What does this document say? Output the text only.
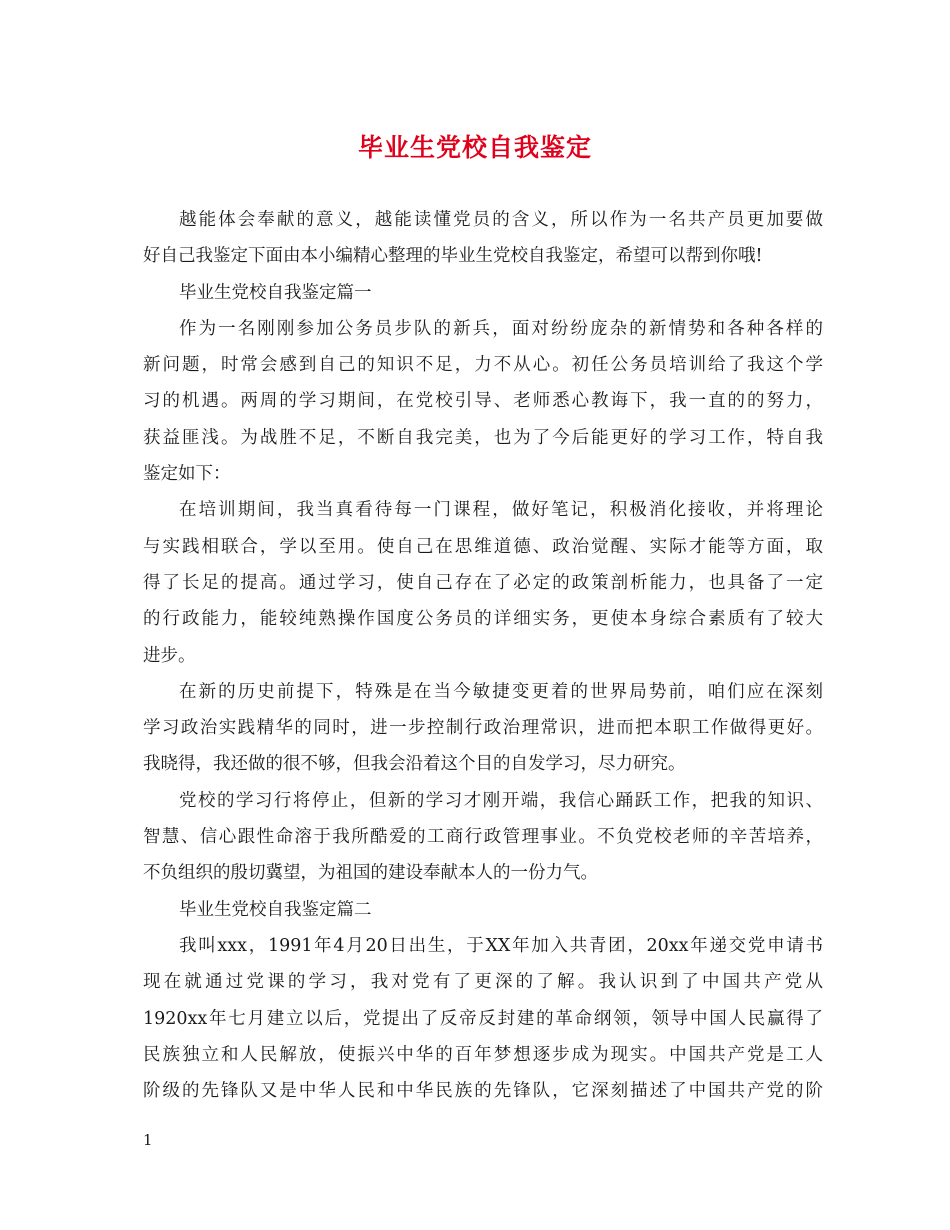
毕业生党校自我鉴定
越能体会奉献的意义，越能读懂党员的含义，所以作为一名共产员更加要做
好自己我鉴定下面由本小编精心整理的毕业生党校自我鉴定，希望可以帮到你哦!
毕业生党校自我鉴定篇一
作为一名刚刚参加公务员步队的新兵，面对纷纷庞杂的新情势和各种各样的
新问题，时常会感到自己的知识不足，力不从心。初任公务员培训给了我这个学
习的机遇。两周的学习期间，在党校引导、老师悉心教诲下，我一直的的努力，
获益匪浅。为战胜不足，不断自我完美，也为了今后能更好的学习工作，特自我
鉴定如下：
在培训期间，我当真看待每一门课程，做好笔记，积极消化接收，并将理论
与实践相联合，学以至用。使自己在思维道德、政治觉醒、实际才能等方面，取
得了长足的提高。通过学习，使自己存在了必定的政策剖析能力，也具备了一定
的行政能力，能较纯熟操作国度公务员的详细实务，更使本身综合素质有了较大
进步。
在新的历史前提下，特殊是在当今敏捷变更着的世界局势前，咱们应在深刻
学习政治实践精华的同时，进一步控制行政治理常识，进而把本职工作做得更好。
我晓得，我还做的很不够，但我会沿着这个目的自发学习，尽力研究。
党校的学习行将停止，但新的学习才刚开端，我信心踊跃工作，把我的知识、
智慧、信心跟性命溶于我所酷爱的工商行政管理事业。不负党校老师的辛苦培养，
不负组织的殷切冀望，为祖国的建设奉献本人的一份力气。
毕业生党校自我鉴定篇二
我叫xxx，1991年4月20日出生，于XX年加入共青团，20xx年递交党申请书
现在就通过党课的学习，我对党有了更深的了解。我认识到了中国共产党从
1920xx年七月建立以后，党提出了反帝反封建的革命纲领，领导中国人民赢得了
民族独立和人民解放，使振兴中华的百年梦想逐步成为现实。中国共产党是工人
阶级的先锋队又是中华人民和中华民族的先锋队，它深刻描述了中国共产党的阶
1
